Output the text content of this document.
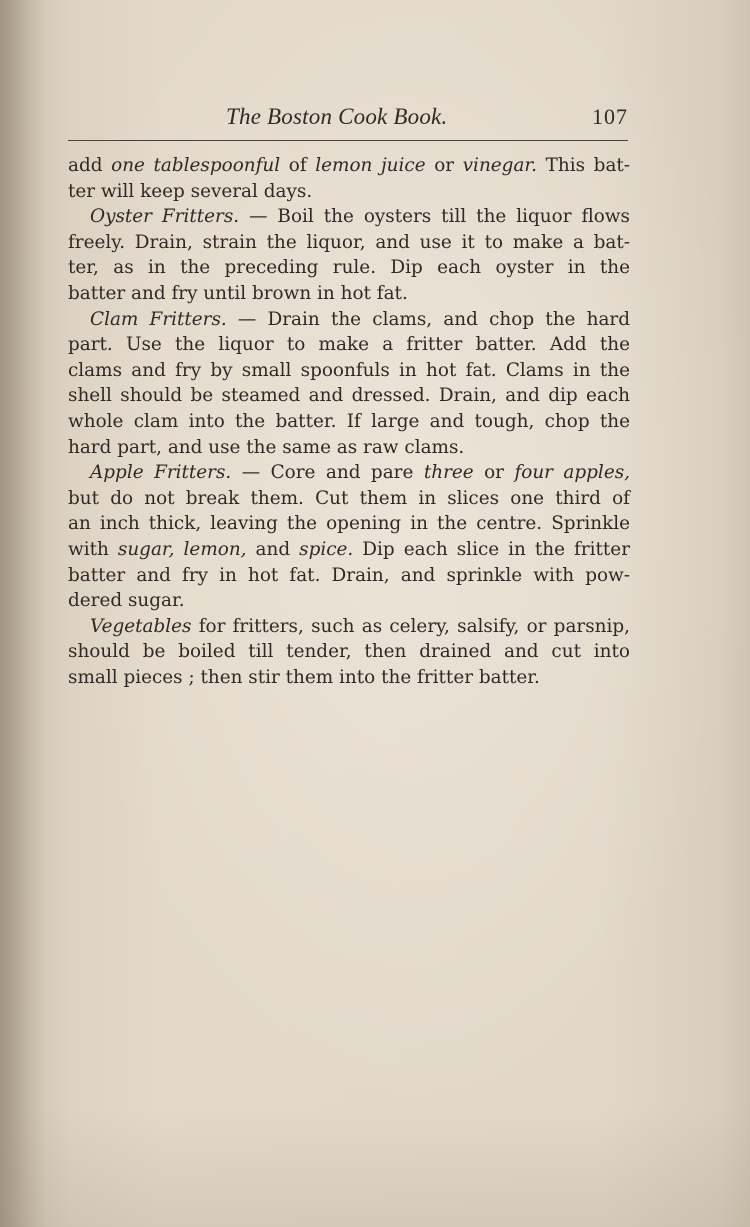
The Boston Cook Book.	107
add one tablespoonful of lemon juice or vinegar. This bat-
ter will keep several days.
Oyster Fritters. — Boil the oysters till the liquor flows
freely. Drain, strain the liquor, and use it to make a bat-
ter, as in the preceding rule. Dip each oyster in the
batter and fry until brown in hot fat.
Clam Fritters. — Drain the clams, and chop the hard
part. Use the liquor to make a fritter batter. Add the
clams and fry by small spoonfuls in hot fat. Clams in the
shell should be steamed and dressed. Drain, and dip each
whole clam into the batter. If large and tough, chop the
hard part, and use the same as raw clams.
Apple Fritters. — Core and pare three or four apples,
but do not break them. Cut them in slices one third of
an inch thick, leaving the opening in the centre. Sprinkle
with sugar, lemon, and spice. Dip each slice in the fritter
batter and fry in hot fat. Drain, and sprinkle with pow-
dered sugar.
Vegetables for fritters, such as celery, salsify, or parsnip,
should be boiled till tender, then drained and cut into
small pieces ; then stir them into the fritter batter.
